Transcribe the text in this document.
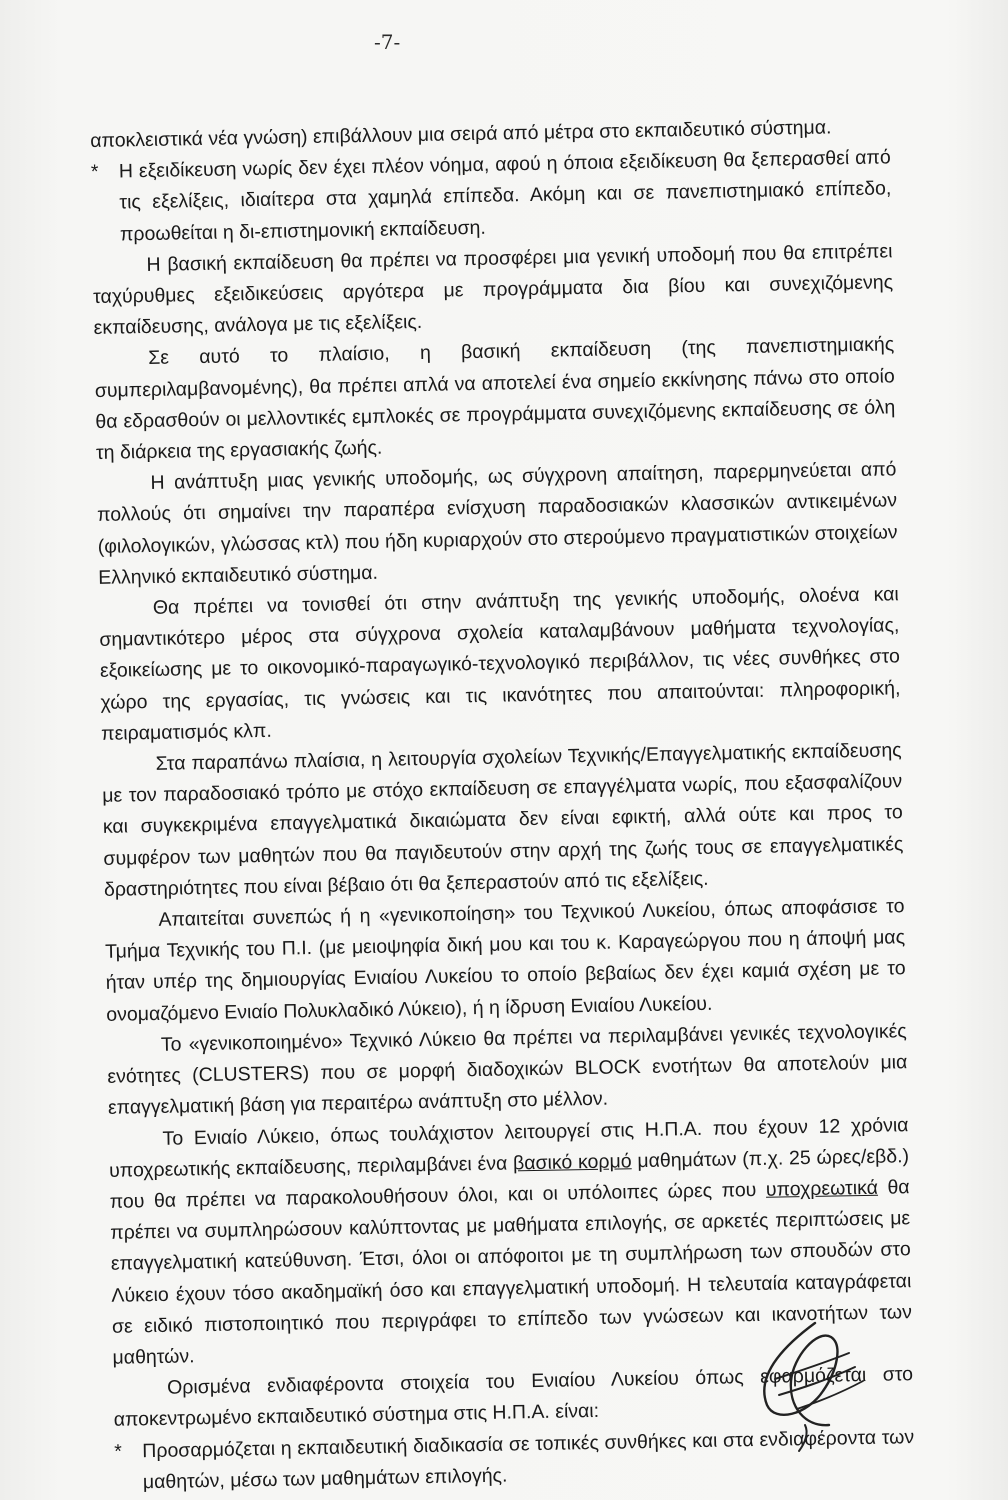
-7-

αποκλειστικά νέα γνώση) επιβάλλουν μια σειρά από μέτρα στο εκπαιδευτικό σύστημα.

* Η εξειδίκευση νωρίς δεν έχει πλέον νόημα, αφού η όποια εξειδίκευση θα ξεπερασθεί από τις εξελίξεις, ιδιαίτερα στα χαμηλά επίπεδα. Ακόμη και σε πανεπιστημιακό επίπεδο, προωθείται η δι-επιστημονική εκπαίδευση.

Η βασική εκπαίδευση θα πρέπει να προσφέρει μια γενική υποδομή που θα επιτρέπει ταχύρυθμες εξειδικεύσεις αργότερα με προγράμματα δια βίου και συνεχιζόμενης εκπαίδευσης, ανάλογα με τις εξελίξεις.

Σε αυτό το πλαίσιο, η βασική εκπαίδευση (της πανεπιστημιακής συμπεριλαμβανομένης), θα πρέπει απλά να αποτελεί ένα σημείο εκκίνησης πάνω στο οποίο θα εδρασθούν οι μελλοντικές εμπλοκές σε προγράμματα συνεχιζόμενης εκπαίδευσης σε όλη τη διάρκεια της εργασιακής ζωής.

Η ανάπτυξη μιας γενικής υποδομής, ως σύγχρονη απαίτηση, παρερμηνεύεται από πολλούς ότι σημαίνει την παραπέρα ενίσχυση παραδοσιακών κλασσικών αντικειμένων (φιλολογικών, γλώσσας κτλ) που ήδη κυριαρχούν στο στερούμενο πραγματιστικών στοιχείων Ελληνικό εκπαιδευτικό σύστημα.

Θα πρέπει να τονισθεί ότι στην ανάπτυξη της γενικής υποδομής, ολοένα και σημαντικότερο μέρος στα σύγχρονα σχολεία καταλαμβάνουν μαθήματα τεχνολογίας, εξοικείωσης με το οικονομικό-παραγωγικό-τεχνολογικό περιβάλλον, τις νέες συνθήκες στο χώρο της εργασίας, τις γνώσεις και τις ικανότητες που απαιτούνται: πληροφορική, πειραματισμός κλπ.

Στα παραπάνω πλαίσια, η λειτουργία σχολείων Τεχνικής/Επαγγελματικής εκπαίδευσης με τον παραδοσιακό τρόπο με στόχο εκπαίδευση σε επαγγέλματα νωρίς, που εξασφαλίζουν και συγκεκριμένα επαγγελματικά δικαιώματα δεν είναι εφικτή, αλλά ούτε και προς το συμφέρον των μαθητών που θα παγιδευτούν στην αρχή της ζωής τους σε επαγγελματικές δραστηριότητες που είναι βέβαιο ότι θα ξεπεραστούν από τις εξελίξεις.

Απαιτείται συνεπώς ή η «γενικοποίηση» του Τεχνικού Λυκείου, όπως αποφάσισε το Τμήμα Τεχνικής του Π.Ι. (με μειοψηφία δική μου και του κ. Καραγεώργου που η άποψή μας ήταν υπέρ της δημιουργίας Ενιαίου Λυκείου το οποίο βεβαίως δεν έχει καμιά σχέση με το ονομαζόμενο Ενιαίο Πολυκλαδικό Λύκειο), ή η ίδρυση Ενιαίου Λυκείου.

Το «γενικοποιημένο» Τεχνικό Λύκειο θα πρέπει να περιλαμβάνει γενικές τεχνολογικές ενότητες (CLUSTERS) που σε μορφή διαδοχικών BLOCK ενοτήτων θα αποτελούν μια επαγγελματική βάση για περαιτέρω ανάπτυξη στο μέλλον.

Το Ενιαίο Λύκειο, όπως τουλάχιστον λειτουργεί στις Η.Π.Α. που έχουν 12 χρόνια υποχρεωτικής εκπαίδευσης, περιλαμβάνει ένα βασικό κορμό μαθημάτων (π.χ. 25 ώρες/εβδ.) που θα πρέπει να παρακολουθήσουν όλοι, και οι υπόλοιπες ώρες που υποχρεωτικά θα πρέπει να συμπληρώσουν καλύπτοντας με μαθήματα επιλογής, σε αρκετές περιπτώσεις με επαγγελματική κατεύθυνση. Έτσι, όλοι οι απόφοιτοι με τη συμπλήρωση των σπουδών στο Λύκειο έχουν τόσο ακαδημαϊκή όσο και επαγγελματική υποδομή. Η τελευταία καταγράφεται σε ειδικό πιστοποιητικό που περιγράφει το επίπεδο των γνώσεων και ικανοτήτων των μαθητών.

Ορισμένα ενδιαφέροντα στοιχεία του Ενιαίου Λυκείου όπως εφαρμόζεται στο αποκεντρωμένο εκπαιδευτικό σύστημα στις Η.Π.Α. είναι:

* Προσαρμόζεται η εκπαιδευτική διαδικασία σε τοπικές συνθήκες και στα ενδιαφέροντα των μαθητών, μέσω των μαθημάτων επιλογής.
